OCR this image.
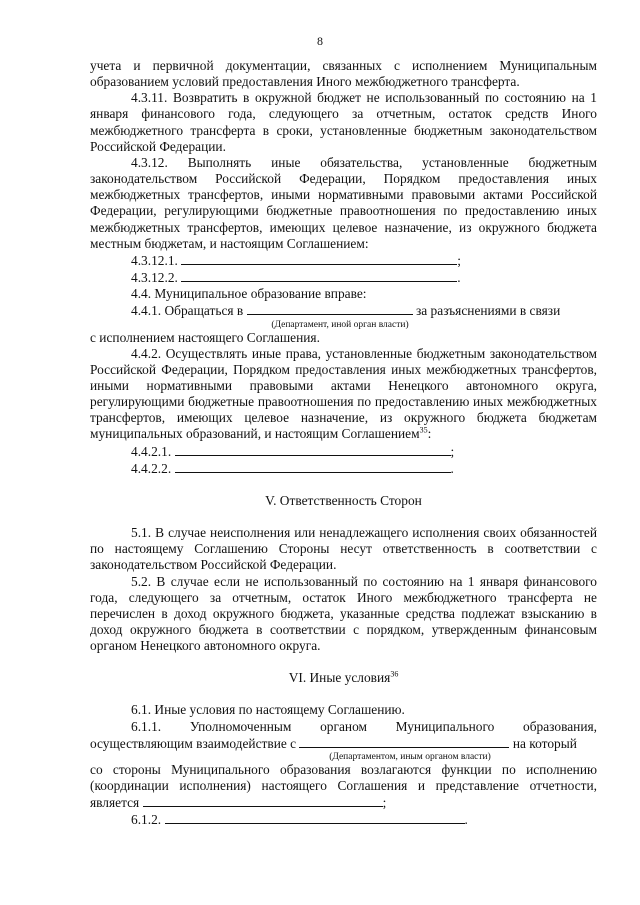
8

учета и первичной документации, связанных с исполнением Муниципальным образованием условий предоставления Иного межбюджетного трансферта.

4.3.11. Возвратить в окружной бюджет не использованный по состоянию на 1 января финансового года, следующего за отчетным, остаток средств Иного межбюджетного трансферта в сроки, установленные бюджетным законодательством Российской Федерации.

4.3.12. Выполнять иные обязательства, установленные бюджетным законодательством Российской Федерации, Порядком предоставления иных межбюджетных трансфертов, иными нормативными правовыми актами Российской Федерации, регулирующими бюджетные правоотношения по предоставлению иных межбюджетных трансфертов, имеющих целевое назначение, из окружного бюджета местным бюджетам, и настоящим Соглашением:

4.3.12.1.	;

4.3.12.2.	.

4.4. Муниципальное образование вправе:

4.4.1. Обращаться в	за разъяснениями в связи

(Департамент, иной орган власти)

с исполнением настоящего Соглашения.

4.4.2. Осуществлять иные права, установленные бюджетным законодательством Российской Федерации, Порядком предоставления иных межбюджетных трансфертов, иными нормативными правовыми актами Ненецкого автономного округа, регулирующими бюджетные правоотношения по предоставлению иных межбюджетных трансфертов, имеющих целевое назначение, из окружного бюджета бюджетам муниципальных образований, и настоящим Соглашением$^{35}$:

4.4.2.1.	;

4.4.2.2.	.

V. Ответственность Сторон

5.1. В случае неисполнения или ненадлежащего исполнения своих обязанностей по настоящему Соглашению Стороны несут ответственность в соответствии с законодательством Российской Федерации.

5.2. В случае если не использованный по состоянию на 1 января финансового года, следующего за отчетным, остаток Иного межбюджетного трансферта не перечислен в доход окружного бюджета, указанные средства подлежат взысканию в доход окружного бюджета в соответствии с порядком, утвержденным финансовым органом Ненецкого автономного округа.

VI. Иные условия$^{36}$

6.1. Иные условия по настоящему Соглашению.

6.1.1. Уполномоченным органом Муниципального образования,

осуществляющим взаимодействие с	на который

(Департаментом, иным органом власти)

со стороны Муниципального образования возлагаются функции по исполнению (координации исполнения) настоящего Соглашения и представление отчетности, является	;

6.1.2.	.
